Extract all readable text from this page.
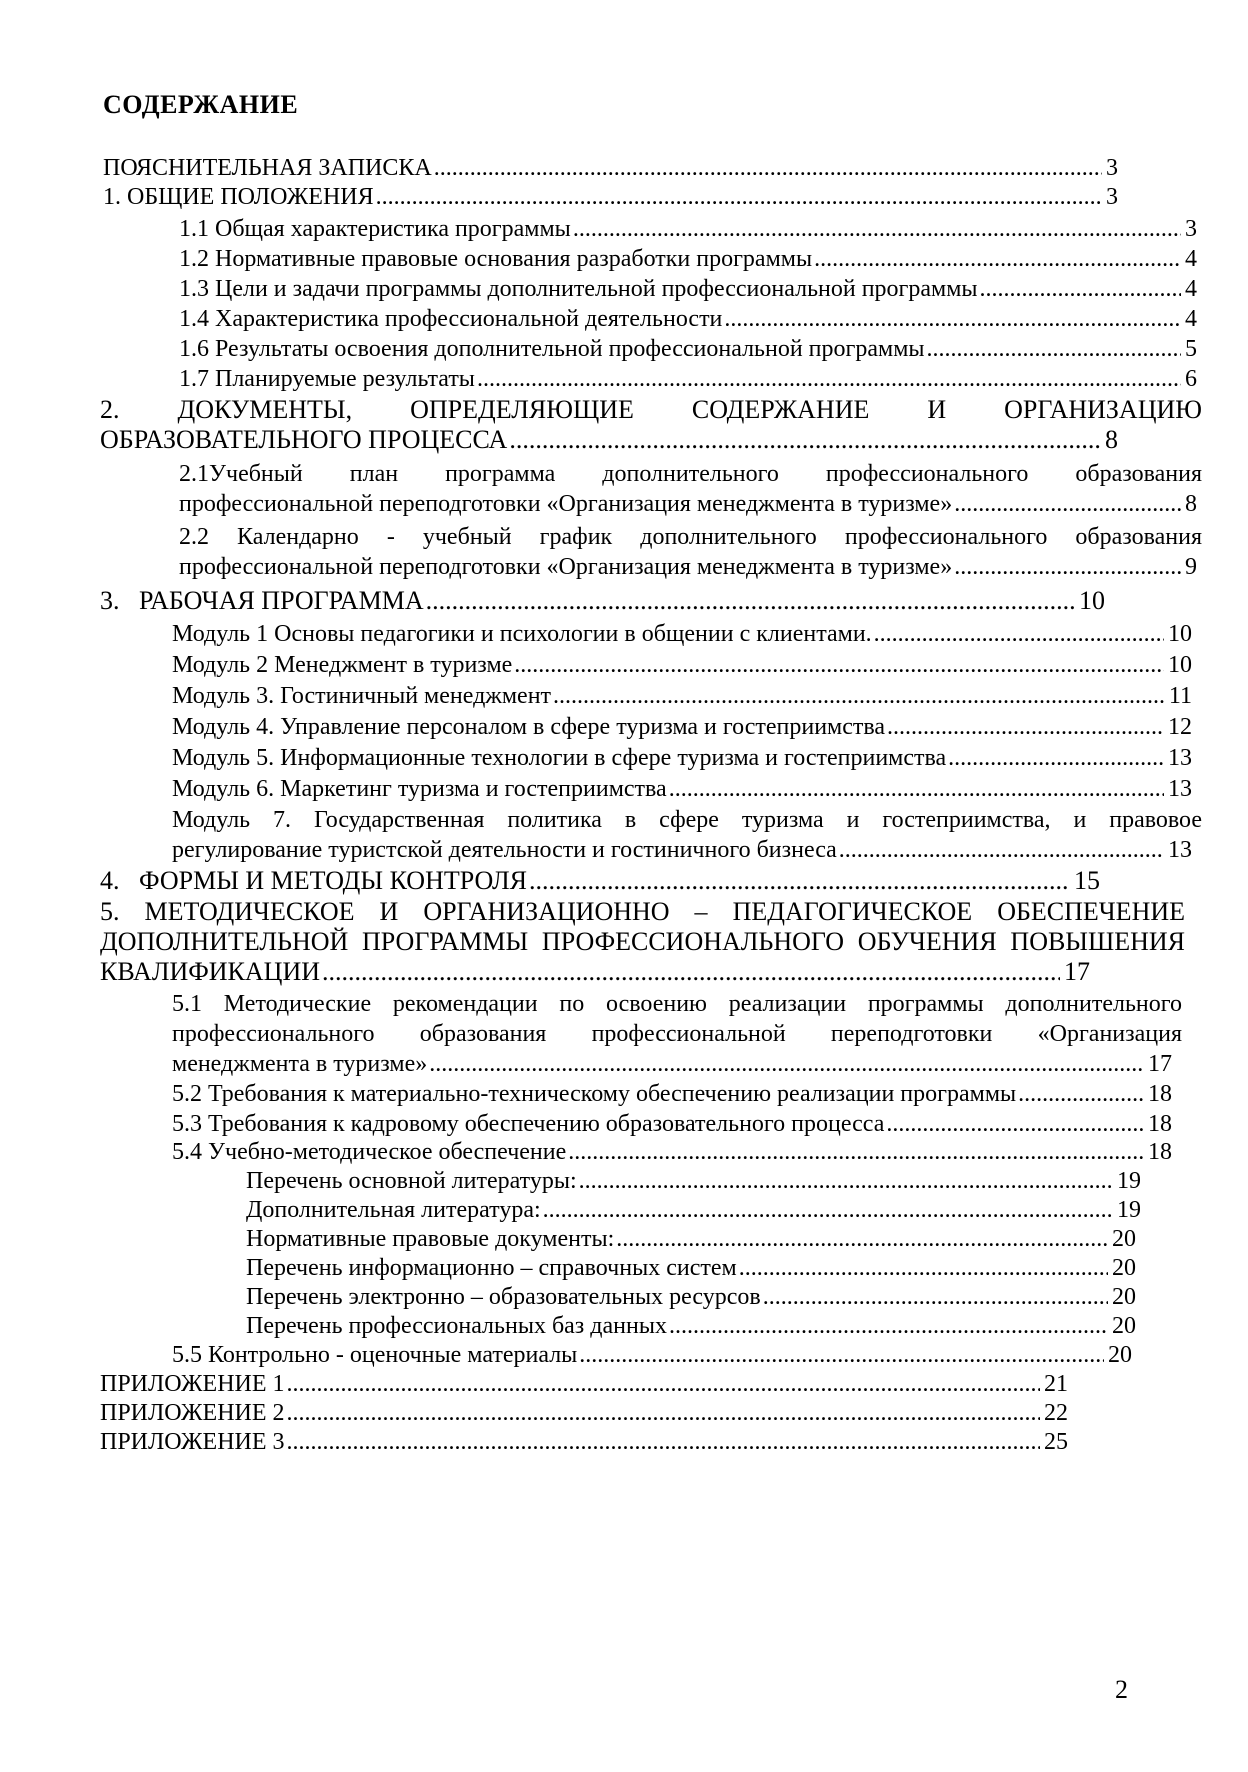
СОДЕРЖАНИЕ
ПОЯСНИТЕЛЬНАЯ ЗАПИСКА .....	3
1. ОБЩИЕ ПОЛОЖЕНИЯ .....	3
1.1 Общая характеристика программы .....	3
1.2 Нормативные правовые основания разработки программы .....	4
1.3 Цели и задачи программы дополнительной профессиональной программы .....	4
1.4 Характеристика профессиональной деятельности .....	4
1.6 Результаты освоения дополнительной профессиональной программы .....	5
1.7 Планируемые результаты .....	6
2. ДОКУМЕНТЫ, ОПРЕДЕЛЯЮЩИЕ СОДЕРЖАНИЕ И ОРГАНИЗАЦИЮ
ОБРАЗОВАТЕЛЬНОГО ПРОЦЕССА .....	8
2.1Учебный план программа дополнительного профессионального образования
профессиональной переподготовки «Организация менеджмента в туризме» .....	8
2.2 Календарно - учебный график дополнительного профессионального образования
профессиональной переподготовки «Организация менеджмента в туризме» .....	9
3.   РАБОЧАЯ ПРОГРАММА .....	10
Модуль 1 Основы педагогики и психологии в общении с клиентами. .....	10
Модуль 2 Менеджмент в туризме .....	10
Модуль 3. Гостиничный менеджмент .....	11
Модуль 4. Управление персоналом в сфере туризма и гостеприимства .....	12
Модуль 5. Информационные технологии в сфере туризма и гостеприимства .....	13
Модуль 6. Маркетинг туризма и гостеприимства .....	13
Модуль 7. Государственная политика в сфере туризма и гостеприимства, и правовое
регулирование туристской деятельности и гостиничного бизнеса .....	13
4.   ФОРМЫ И МЕТОДЫ КОНТРОЛЯ .....	15
5. МЕТОДИЧЕСКОЕ И ОРГАНИЗАЦИОННО – ПЕДАГОГИЧЕСКОЕ ОБЕСПЕЧЕНИЕ
ДОПОЛНИТЕЛЬНОЙ ПРОГРАММЫ ПРОФЕССИОНАЛЬНОГО ОБУЧЕНИЯ ПОВЫШЕНИЯ
КВАЛИФИКАЦИИ .....	17
5.1 Методические рекомендации по освоению реализации программы дополнительного
профессионального образования профессиональной переподготовки «Организация
менеджмента в туризме» .....	17
5.2 Требования к материально-техническому обеспечению реализации программы .....	18
5.3 Требования к кадровому обеспечению образовательного процесса .....	18
5.4 Учебно-методическое обеспечение .....	18
Перечень основной литературы: .....	19
Дополнительная литература: .....	19
Нормативные правовые документы: .....	20
Перечень информационно – справочных систем .....	20
Перечень электронно – образовательных ресурсов .....	20
Перечень профессиональных баз данных .....	20
5.5 Контрольно - оценочные материалы .....	20
ПРИЛОЖЕНИЕ 1 .....	21
ПРИЛОЖЕНИЕ 2 .....	22
ПРИЛОЖЕНИЕ 3 .....	25
2
